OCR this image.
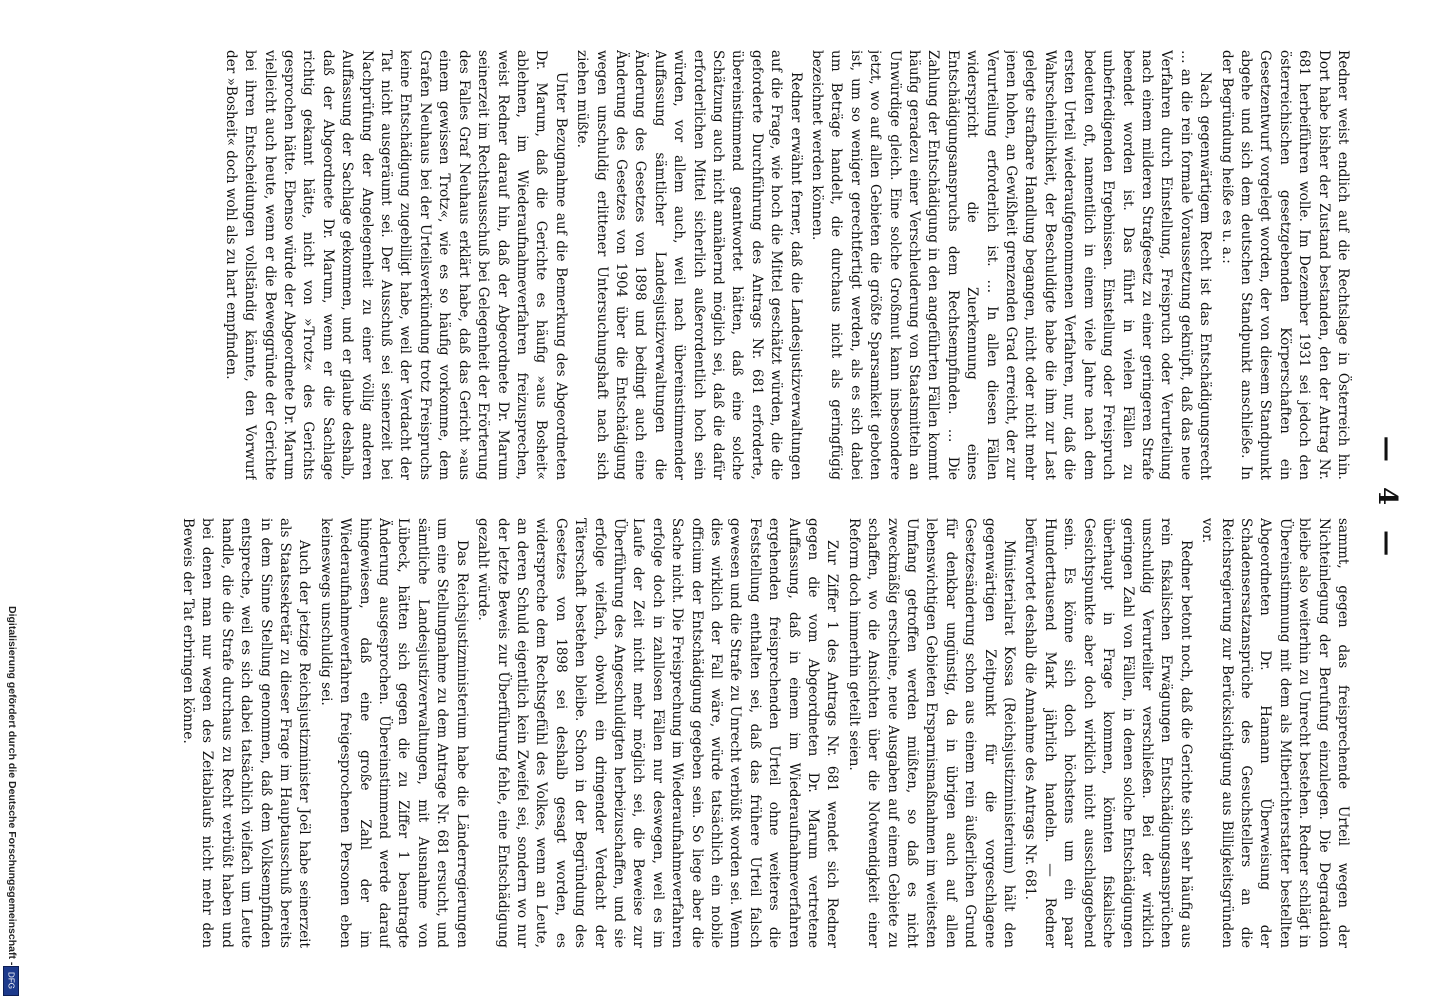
— 4 —

Redner weist endlich auf die Rechtslage in Österreich hin. Dort habe bisher der Zustand bestanden, den der Antrag Nr. 681 herbeiführen wolle. Im Dezember 1931 sei jedoch den österreichischen gesetzgebenden Körperschaften ein Gesetzentwurf vorgelegt worden, der von diesem Standpunkt abgehe und sich dem deutschen Standpunkt anschließe. In der Begründung heiße es u. a.:

Nach gegenwärtigem Recht ist das Entschädigungsrecht … an die rein formale Voraussetzung geknüpft, daß das neue Verfahren durch Einstellung, Freispruch oder Verurteilung nach einem milderen Strafgesetz zu einer geringeren Strafe beendet worden ist. Das führt in vielen Fällen zu unbefriedigenden Ergebnissen. Einstellung oder Freispruch bedeuten oft, namentlich in einem viele Jahre nach dem ersten Urteil wiederaufgenommenen Verfahren, nur, daß die Wahrscheinlichkeit, der Beschuldigte habe die ihm zur Last gelegte strafbare Handlung begangen, nicht oder nicht mehr jenen hohen, an Gewißheit grenzenden Grad erreicht, der zur Verurteilung erforderlich ist. … In allen diesen Fällen widerspricht die Zuerkennung eines Entschädigungsanspruchs dem Rechtsempfinden. … Die Zahlung der Entschädigung in den angeführten Fällen kommt häufig geradezu einer Verschleuderung von Staatsmitteln an Unwürdige gleich. Eine solche Großmut kann insbesondere jetzt, wo auf allen Gebieten die größte Sparsamkeit geboten ist, um so weniger gerechtfertigt werden, als es sich dabei um Beträge handelt, die durchaus nicht als geringfügig bezeichnet werden können.

Redner erwähnt ferner, daß die Landesjustizverwaltungen auf die Frage, wie hoch die Mittel geschätzt würden, die die geforderte Durchführung des Antrags Nr. 681 erforderte, übereinstimmend geantwortet hätten, daß eine solche Schätzung auch nicht annähernd möglich sei, daß die dafür erforderlichen Mittel sicherlich außerordentlich hoch sein würden, vor allem auch, weil nach übereinstimmender Auffassung sämtlicher Landesjustizverwaltungen die Änderung des Gesetzes von 1898 und bedingt auch eine Änderung des Gesetzes von 1904 über die Entschädigung wegen unschuldig erlittener Untersuchungshaft nach sich ziehen müßte.

Unter Bezugnahme auf die Bemerkung des Abgeordneten Dr. Marum, daß die Gerichte es häufig »aus Bosheit« ablehnen, im Wiederaufnahmeverfahren freizusprechen, weist Redner darauf hin, daß der Abgeordnete Dr. Marum seinerzeit im Rechtsausschuß bei Gelegenheit der Erörterung des Falles Graf Neuhaus erklärt habe, daß das Gericht »aus einem gewissen Trotz«, wie es so häufig vorkomme, dem Grafen Neuhaus bei der Urteilsverkündung trotz Freispruchs keine Entschädigung zugebilligt habe, weil der Verdacht der Tat nicht ausgeräumt sei. Der Ausschuß sei seinerzeit bei Nachprüfung der Angelegenheit zu einer völlig anderen Auffassung der Sachlage gekommen, und er glaube deshalb, daß der Abgeordnete Dr. Marum, wenn er die Sachlage richtig gekannt hätte, nicht von »Trotz« des Gerichts gesprochen hätte. Ebenso würde der Abgeordnete Dr. Marum vielleicht auch heute, wenn er die Beweggründe der Gerichte bei ihren Entscheidungen vollständig kännte, den Vorwurf der »Bosheit« doch wohl als zu hart empfinden.

sammt, gegen das freisprechende Urteil wegen der Nichteinlegung der Berufung einzulegen. Die Degradation bleibe also weiterhin zu Unrecht bestehen. Redner schlägt in Übereinstimmung mit dem als Mitberichterstatter bestellten Abgeordneten Dr. Hamann Überweisung der Schadensersatzansprüche des Gesuchstellers an die Reichsregierung zur Berücksichtigung aus Billigkeitsgründen vor.

Redner betont noch, daß die Gerichte sich sehr häufig aus rein fiskalischen Erwägungen Entschädigungsansprüchen unschuldig Verurteilter verschließen. Bei der wirklich geringen Zahl von Fällen, in denen solche Entschädigungen überhaupt in Frage kommen, könnten fiskalische Gesichtspunkte aber doch wirklich nicht ausschlaggebend sein. Es könne sich doch höchstens um ein paar Hunderttausend Mark jährlich handeln. — Redner befürwortet deshalb die Annahme des Antrags Nr. 681.

Ministerialrat Kossa (Reichsjustizministerium) hält den gegenwärtigen Zeitpunkt für die vorgeschlagene Gesetzesänderung schon aus einem rein äußerlichen Grund für denkbar ungünstig, da in übrigen auch auf allen lebenswichtigen Gebieten Ersparnismaßnahmen im weitesten Umfang getroffen werden müßten, so daß es nicht zweckmäßig erscheine, neue Ausgaben auf einem Gebiete zu schaffen, wo die Ansichten über die Notwendigkeit einer Reform doch immerhin geteilt seien.

Zur Ziffer 1 des Antrags Nr. 681 wendet sich Redner gegen die vom Abgeordneten Dr. Marum vertretene Auffassung, daß in einem im Wiederaufnahmeverfahren ergehenden freisprechenden Urteil ohne weiteres die Feststellung enthalten sei, daß das frühere Urteil falsch gewesen und die Strafe zu Unrecht verbüßt worden sei. Wenn dies wirklich der Fall wäre, würde tatsächlich ein nobile officium der Entschädigung gegeben sein. So liege aber die Sache nicht. Die Freisprechung im Wiederaufnahmeverfahren erfolge doch in zahllosen Fällen nur deswegen, weil es im Laufe der Zeit nicht mehr möglich sei, die Beweise zur Überführung des Angeschuldigten herbeizuschaffen, und sie erfolge vielfach, obwohl ein dringender Verdacht der Täterschaft bestehen bleibe. Schon in der Begründung des Gesetzes von 1898 sei deshalb gesagt worden, es widerspreche dem Rechtsgefühl des Volkes, wenn an Leute, an deren Schuld eigentlich kein Zweifel sei, sondern wo nur der letzte Beweis zur Überführung fehle, eine Entschädigung gezahlt würde.

Das Reichsjustizministerium habe die Länderregierungen um eine Stellungnahme zu dem Antrage Nr. 681 ersucht, und sämtliche Landesjustizverwaltungen, mit Ausnahme von Lübeck, hätten sich gegen die zu Ziffer 1 beantragte Änderung ausgesprochen. Übereinstimmend werde darauf hingewiesen, daß eine große Zahl der im Wiederaufnahmeverfahren freigesprochenen Personen eben keineswegs unschuldig sei.

Auch der jetzige Reichsjustizminister Joël habe seinerzeit als Staatssekretär zu dieser Frage im Hauptausschuß bereits in dem Sinne Stellung genommen, daß dem Volksempfinden entspreche, weil es sich dabei tatsächlich vielfach um Leute handle, die die Strafe durchaus zu Recht verbüßt haben und bei denen man nur wegen des Zeitablaufs nicht mehr den Beweis der Tat erbringen könne.

Digitalisierung gefördert durch die Deutsche Forschungsgemeinschaft -
DFG
